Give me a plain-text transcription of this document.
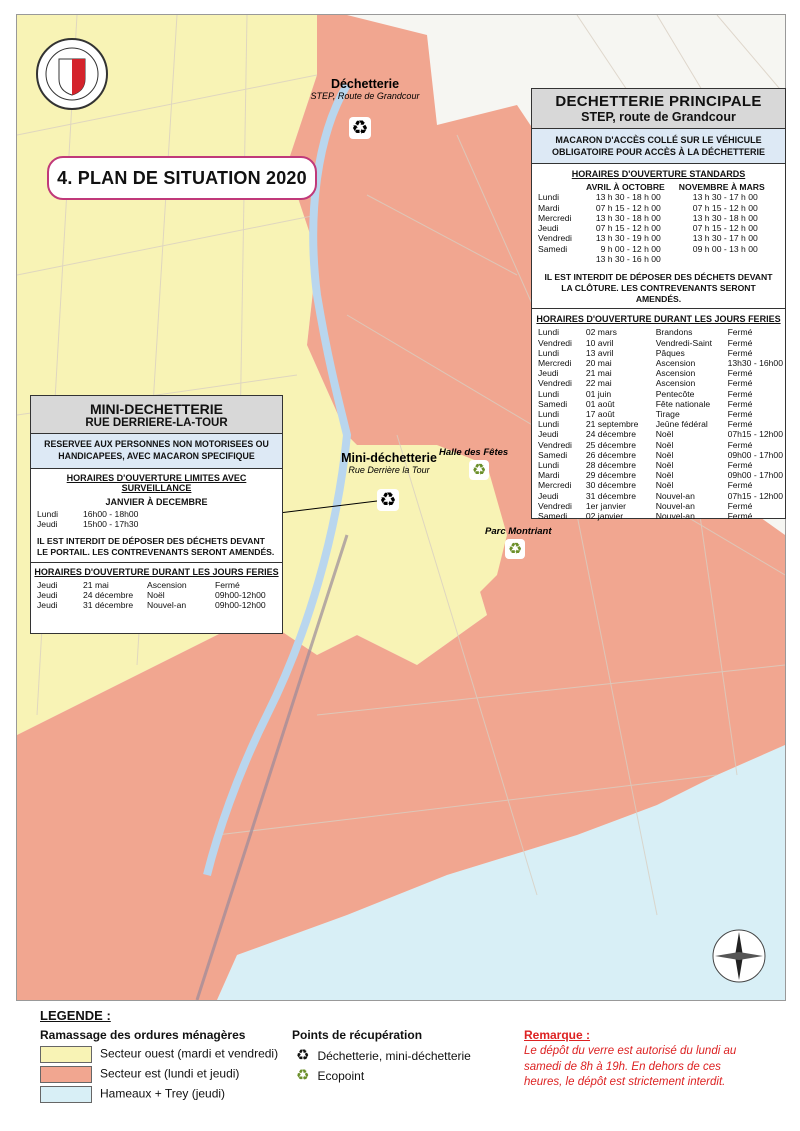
4. PLAN DE SITUATION 2020
Déchetterie
STEP, Route de Grandcour
♻
Mini-déchetterie
Rue Derrière la Tour
♻
Halle des Fêtes
♻
Parc Montriant
♻
DECHETTERIE PRINCIPALE
STEP, route de Grandcour
MACARON D'ACCÈS COLLÉ SUR LE VÉHICULE OBLIGATOIRE POUR ACCÈS À LA DÉCHETTERIE
HORAIRES D'OUVERTURE STANDARDS
	AVRIL À OCTOBRE	NOVEMBRE À MARS
Lundi	13 h 30 - 18 h 00	13 h 30 - 17 h 00
Mardi	07 h 15 - 12 h 00	07 h 15 - 12 h 00
Mercredi	13 h 30 - 18 h 00	13 h 30 - 18 h 00
Jeudi	07 h 15 - 12 h 00	07 h 15 - 12 h 00
Vendredi	13 h 30 - 19 h 00	13 h 30 - 17 h 00
Samedi	9 h 00 - 12 h 00	09 h 00 - 13 h 00
	13 h 30 - 16 h 00	
IL EST INTERDIT DE DÉPOSER DES DÉCHETS DEVANT LA CLÔTURE. LES CONTREVENANTS SERONT AMENDÉS.
HORAIRES D'OUVERTURE DURANT LES JOURS FERIES
Lundi	02 mars	Brandons	Fermé
Vendredi	10 avril	Vendredi-Saint	Fermé
Lundi	13 avril	Pâques	Fermé
Mercredi	20 mai	Ascension	13h30 - 16h00
Jeudi	21 mai	Ascension	Fermé
Vendredi	22 mai	Ascension	Fermé
Lundi	01 juin	Pentecôte	Fermé
Samedi	01 août	Fête nationale	Fermé
Lundi	17 août	Tirage	Fermé
Lundi	21 septembre	Jeûne fédéral	Fermé
Jeudi	24 décembre	Noël	07h15 - 12h00
Vendredi	25 décembre	Noël	Fermé
Samedi	26 décembre	Noël	09h00 - 17h00
Lundi	28 décembre	Noël	Fermé
Mardi	29 décembre	Noël	09h00 - 17h00
Mercredi	30 décembre	Noël	Fermé
Jeudi	31 décembre	Nouvel-an	07h15 - 12h00
Vendredi	1er janvier	Nouvel-an	Fermé
Samedi	02 janvier	Nouvel-an	Fermé
MINI-DECHETTERIE
RUE DERRIERE-LA-TOUR
RESERVEE AUX PERSONNES NON MOTORISEES OU HANDICAPEES, AVEC MACARON SPECIFIQUE
HORAIRES D'OUVERTURE LIMITES AVEC SURVEILLANCE
JANVIER À DECEMBRE
Lundi	16h00 - 18h00
Jeudi	15h00 - 17h30
IL EST INTERDIT DE DÉPOSER DES DÉCHETS DEVANT LE PORTAIL. LES CONTREVENANTS SERONT AMENDÉS.
HORAIRES D'OUVERTURE DURANT LES JOURS FERIES
Jeudi	21 mai	Ascension	Fermé
Jeudi	24 décembre	Noël	09h00-12h00
Jeudi	31 décembre	Nouvel-an	09h00-12h00
LEGENDE :
Ramassage des ordures ménagères
Secteur ouest (mardi et vendredi)
Secteur est (lundi et jeudi)
Hameaux + Trey (jeudi)
Points de récupération
♻ Déchetterie, mini-déchetterie
♻ Ecopoint
Remarque :
Le dépôt du verre est autorisé du lundi au samedi de 8h à 19h. En dehors de ces heures, le dépôt est strictement interdit.
